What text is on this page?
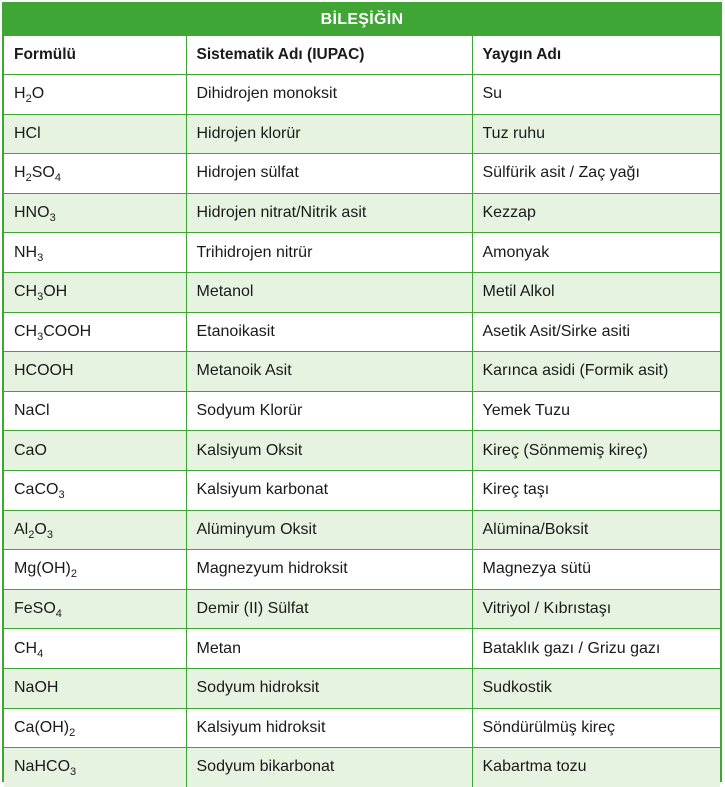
BİLEŞİĞİN
Formülü	Sistematik Adı (IUPAC)	Yaygın Adı
$H_2O$	Dihidrojen monoksit	Su
HCl	Hidrojen klorür	Tuz ruhu
$H_2SO_4$	Hidrojen sülfat	Sülfürik asit / Zaç yağı
$HNO_3$	Hidrojen nitrat/Nitrik asit	Kezzap
$NH_3$	Trihidrojen nitrür	Amonyak
$CH_3OH$	Metanol	Metil Alkol
$CH_3COOH$	Etanoikasit	Asetik Asit/Sirke asiti
HCOOH	Metanoik Asit	Karınca asidi (Formik asit)
NaCl	Sodyum Klorür	Yemek Tuzu
CaO	Kalsiyum Oksit	Kireç (Sönmemiş kireç)
CaCO$_3$	Kalsiyum karbonat	Kireç taşı
$Al_2O_3$	Alüminyum Oksit	Alümina/Boksit
$Mg(OH)_2$	Magnezyum hidroksit	Magnezya sütü
FeSO$_4$	Demir (II) Sülfat	Vitriyol / Kıbrıstaşı
$CH_4$	Metan	Bataklık gazı / Grizu gazı
NaOH	Sodyum hidroksit	Sudkostik
$Ca(OH)_2$	Kalsiyum hidroksit	Söndürülmüş kireç
NaHCO$_3$	Sodyum bikarbonat	Kabartma tozu
